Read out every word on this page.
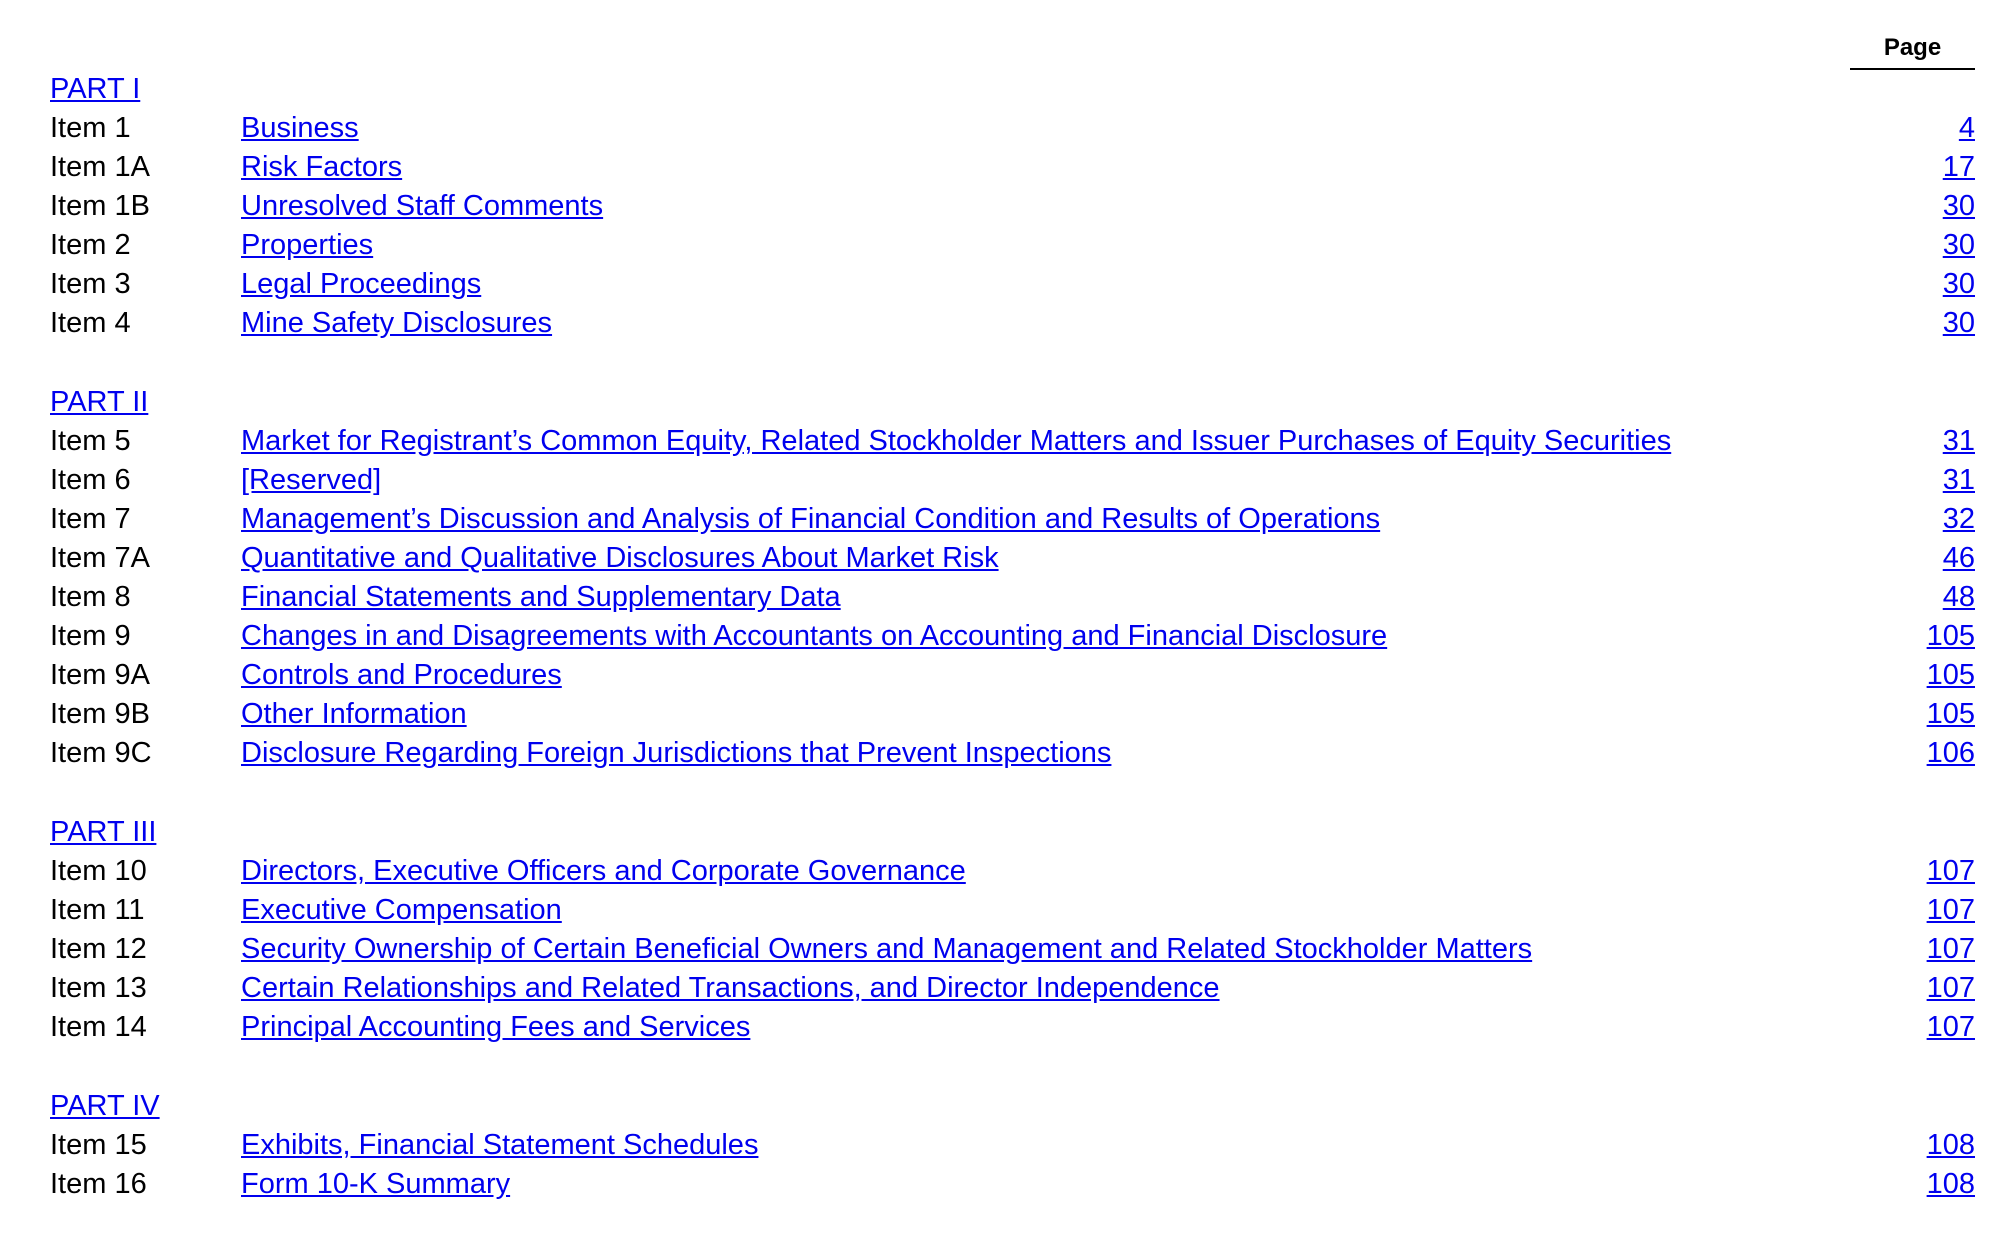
Page
PART I
Item 1	Business	4
Item 1A	Risk Factors	17
Item 1B	Unresolved Staff Comments	30
Item 2	Properties	30
Item 3	Legal Proceedings	30
Item 4	Mine Safety Disclosures	30
PART II
Item 5	Market for Registrant’s Common Equity, Related Stockholder Matters and Issuer Purchases of Equity Securities	31
Item 6	[Reserved]	31
Item 7	Management’s Discussion and Analysis of Financial Condition and Results of Operations	32
Item 7A	Quantitative and Qualitative Disclosures About Market Risk	46
Item 8	Financial Statements and Supplementary Data	48
Item 9	Changes in and Disagreements with Accountants on Accounting and Financial Disclosure	105
Item 9A	Controls and Procedures	105
Item 9B	Other Information	105
Item 9C	Disclosure Regarding Foreign Jurisdictions that Prevent Inspections	106
PART III
Item 10	Directors, Executive Officers and Corporate Governance	107
Item 11	Executive Compensation	107
Item 12	Security Ownership of Certain Beneficial Owners and Management and Related Stockholder Matters	107
Item 13	Certain Relationships and Related Transactions, and Director Independence	107
Item 14	Principal Accounting Fees and Services	107
PART IV
Item 15	Exhibits, Financial Statement Schedules	108
Item 16	Form 10-K Summary	108
